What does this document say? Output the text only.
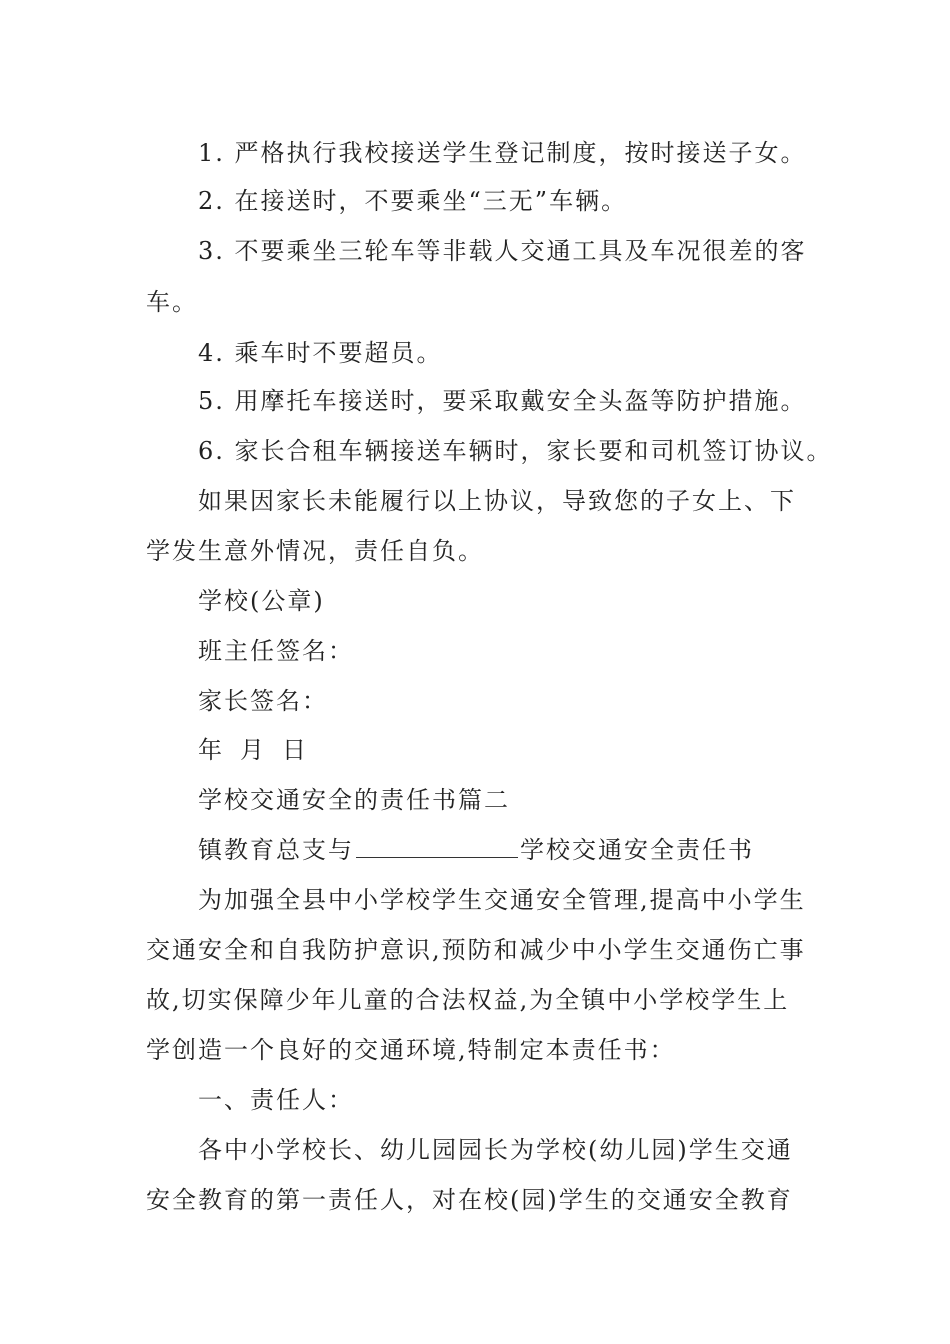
1. 严格执行我校接送学生登记制度，按时接送子女。
2. 在接送时，不要乘坐“三无”车辆。
3. 不要乘坐三轮车等非载人交通工具及车况很差的客
车。
4. 乘车时不要超员。
5. 用摩托车接送时，要采取戴安全头盔等防护措施。
6. 家长合租车辆接送车辆时，家长要和司机签订协议。
如果因家长未能履行以上协议，导致您的子女上、下
学发生意外情况，责任自负。
学校(公章)
班主任签名：
家长签名：
年 月 日
学校交通安全的责任书篇二
镇教育总支与	学校交通安全责任书
为加强全县中小学校学生交通安全管理,提高中小学生
交通安全和自我防护意识,预防和减少中小学生交通伤亡事
故,切实保障少年儿童的合法权益,为全镇中小学校学生上
学创造一个良好的交通环境,特制定本责任书：
一、责任人：
各中小学校长、幼儿园园长为学校(幼儿园)学生交通
安全教育的第一责任人，对在校(园)学生的交通安全教育
